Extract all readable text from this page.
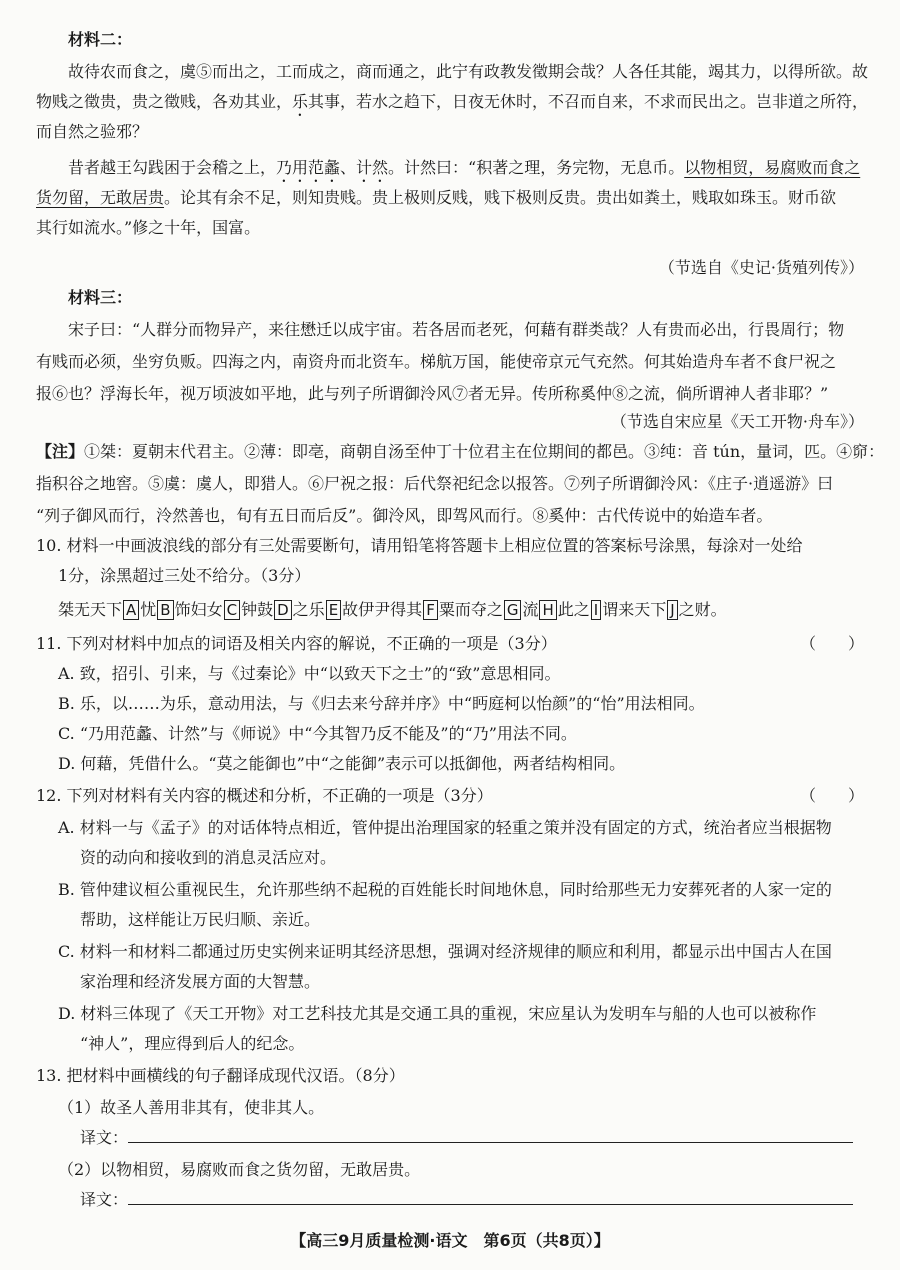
材料二：
故待农而食之，虞⑤而出之，工而成之，商而通之，此宁有政教发徵期会哉？人各任其能，竭其力，以得所欲。故
物贱之徵贵，贵之徵贱，各劝其业，乐其事，若水之趋下，日夜无休时，不召而自来，不求而民出之。岂非道之所符，
而自然之验邪？
昔者越王勾践困于会稽之上，乃用范蠡、计然。计然曰：“积著之理，务完物，无息币。以物相贸，易腐败而食之
货勿留，无敢居贵。论其有余不足，则知贵贱。贵上极则反贱，贱下极则反贵。贵出如粪土，贱取如珠玉。财币欲
其行如流水。”修之十年，国富。
（节选自《史记·货殖列传》）
材料三：
宋子曰：“人群分而物异产，来往懋迁以成宇宙。若各居而老死，何藉有群类哉？人有贵而必出，行畏周行；物
有贱而必须，坐穷负贩。四海之内，南资舟而北资车。梯航万国，能使帝京元气充然。何其始造舟车者不食尸祝之
报⑥也？浮海长年，视万顷波如平地，此与列子所谓御泠风⑦者无异。传所称奚仲⑧之流，倘所谓神人者非耶？”
（节选自宋应星《天工开物·舟车》）
【注】①桀：夏朝末代君主。②薄：即亳，商朝自汤至仲丁十位君主在位期间的都邑。③纯：音 tún，量词，匹。④窌：
指积谷之地窖。⑤虞：虞人，即猎人。⑥尸祝之报：后代祭祀纪念以报答。⑦列子所谓御泠风：《庄子·逍遥游》曰
“列子御风而行，泠然善也，旬有五日而后反”。御泠风，即驾风而行。⑧奚仲：古代传说中的始造车者。
10. 材料一中画波浪线的部分有三处需要断句，请用铅笔将答题卡上相应位置的答案标号涂黑，每涂对一处给
1分，涂黑超过三处不给分。（3分）
桀无天下 A 忧 B 饰妇女 C 钟鼓 D 之乐 E 故伊尹得其 F 粟而夺之 G 流 H 此之 I 谓来天下 J 之财。
11. 下列对材料中加点的词语及相关内容的解说，不正确的一项是（3分）	（　　）
A. 致，招引、引来，与《过秦论》中“以致天下之士”的“致”意思相同。
B. 乐，以……为乐，意动用法，与《归去来兮辞并序》中“眄庭柯以怡颜”的“怡”用法相同。
C. “乃用范蠡、计然”与《师说》中“今其智乃反不能及”的“乃”用法不同。
D. 何藉，凭借什么。“莫之能御也”中“之能御”表示可以抵御他，两者结构相同。
12. 下列对材料有关内容的概述和分析，不正确的一项是（3分）	（　　）
A. 材料一与《孟子》的对话体特点相近，管仲提出治理国家的轻重之策并没有固定的方式，统治者应当根据物
资的动向和接收到的消息灵活应对。
B. 管仲建议桓公重视民生，允许那些纳不起税的百姓能长时间地休息，同时给那些无力安葬死者的人家一定的
帮助，这样能让万民归顺、亲近。
C. 材料一和材料二都通过历史实例来证明其经济思想，强调对经济规律的顺应和利用，都显示出中国古人在国
家治理和经济发展方面的大智慧。
D. 材料三体现了《天工开物》对工艺科技尤其是交通工具的重视，宋应星认为发明车与船的人也可以被称作
“神人”，理应得到后人的纪念。
13. 把材料中画横线的句子翻译成现代汉语。（8分）
（1）故圣人善用非其有，使非其人。
译文：
（2）以物相贸，易腐败而食之货勿留，无敢居贵。
译文：
【高三9月质量检测·语文　第6页（共8页）】
